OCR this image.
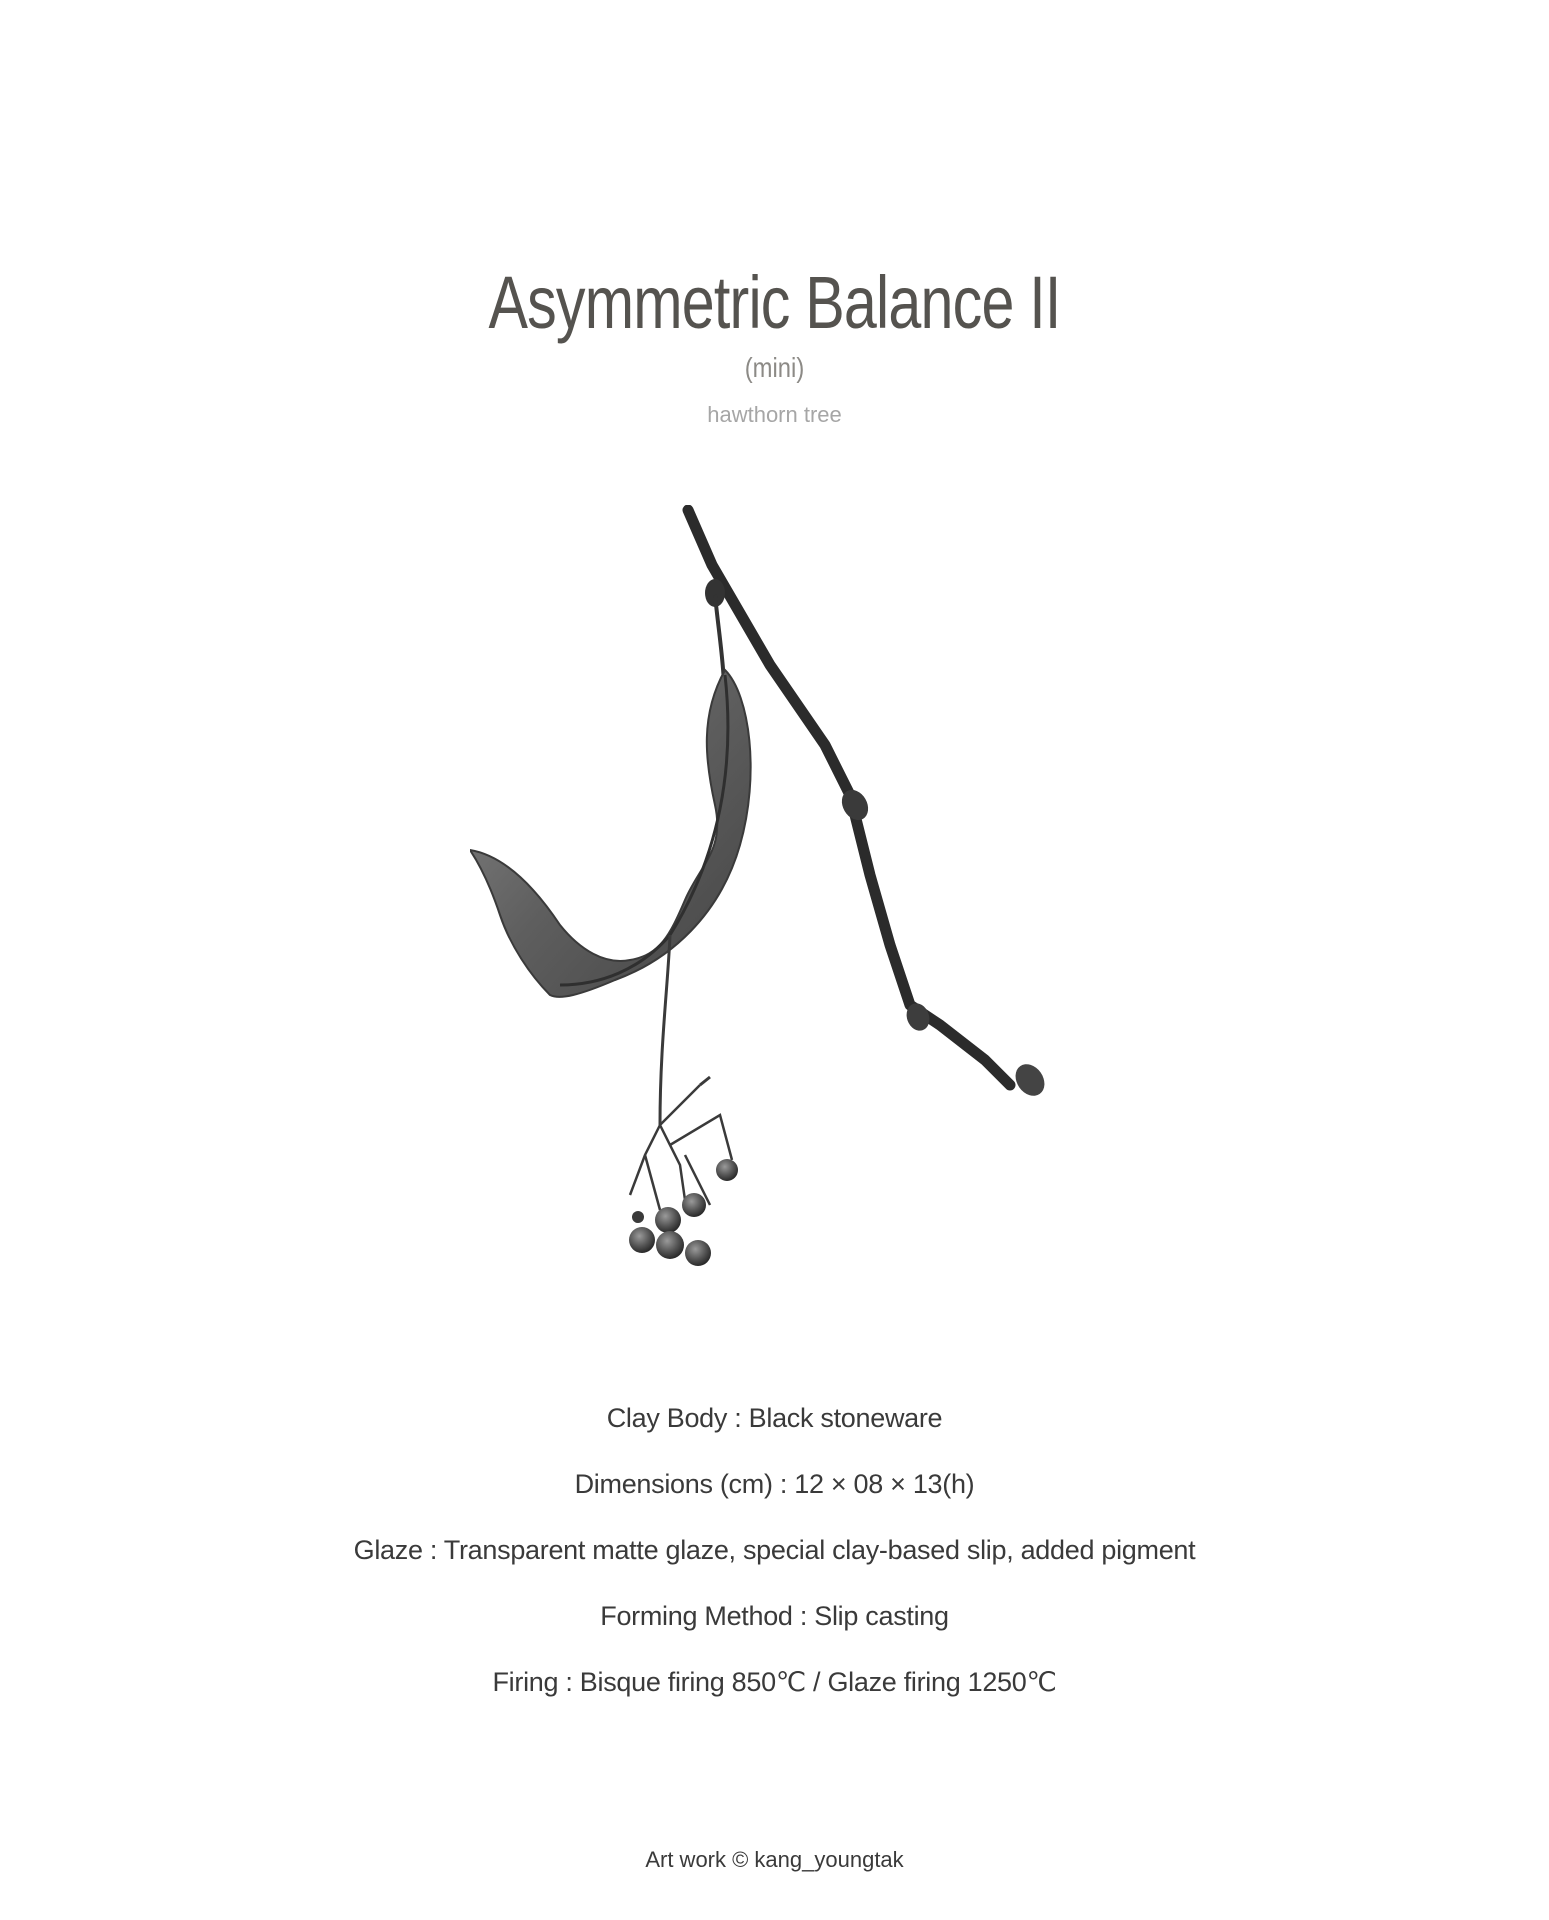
Asymmetric Balance II
(mini)
hawthorn tree
Clay Body : Black stoneware
Dimensions (cm) : 12 × 08 × 13(h)
Glaze : Transparent matte glaze, special clay-based slip, added pigment
Forming Method : Slip casting
Firing : Bisque firing 850℃ / Glaze firing 1250℃
Art work © kang_youngtak
